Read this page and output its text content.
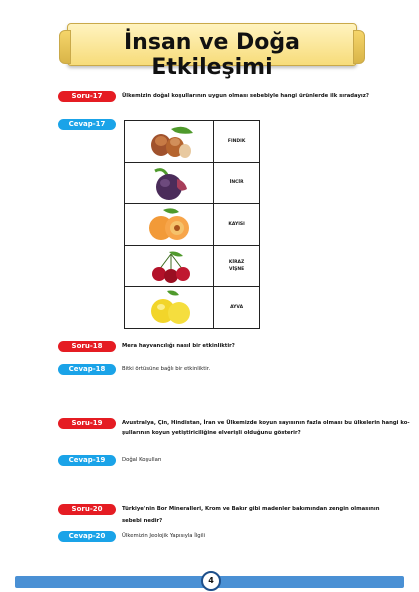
İnsan ve Doğa Etkileşimi
Soru-17	Ülkemizin doğal koşullarının uygun olması sebebiyle hangi ürünlerde ilk sıradayız?
Cevap-17

FINDIK

İNCİR

KAYISI

KİRAZ
VİŞNE

AYVA
Soru-18	Mera hayvancılığı nasıl bir etkinliktir?
Cevap-18	Bitki örtüsüne bağlı bir etkinliktir.
Soru-19	Avustralya, Çin, Hindistan, İran ve Ülkemizde koyun sayısının fazla olması bu ülkelerin hangi ko-
şullarının koyun yetiştiriciliğine elverişli olduğunu gösterir?
Cevap-19	Doğal Koşulları
Soru-20	Türkiye'nin Bor Mineralleri, Krom ve Bakır gibi madenler bakımından zengin olmasının
sebebi nedir?
Cevap-20	Ülkemizin Jeolojik Yapısıyla İlgili
4
